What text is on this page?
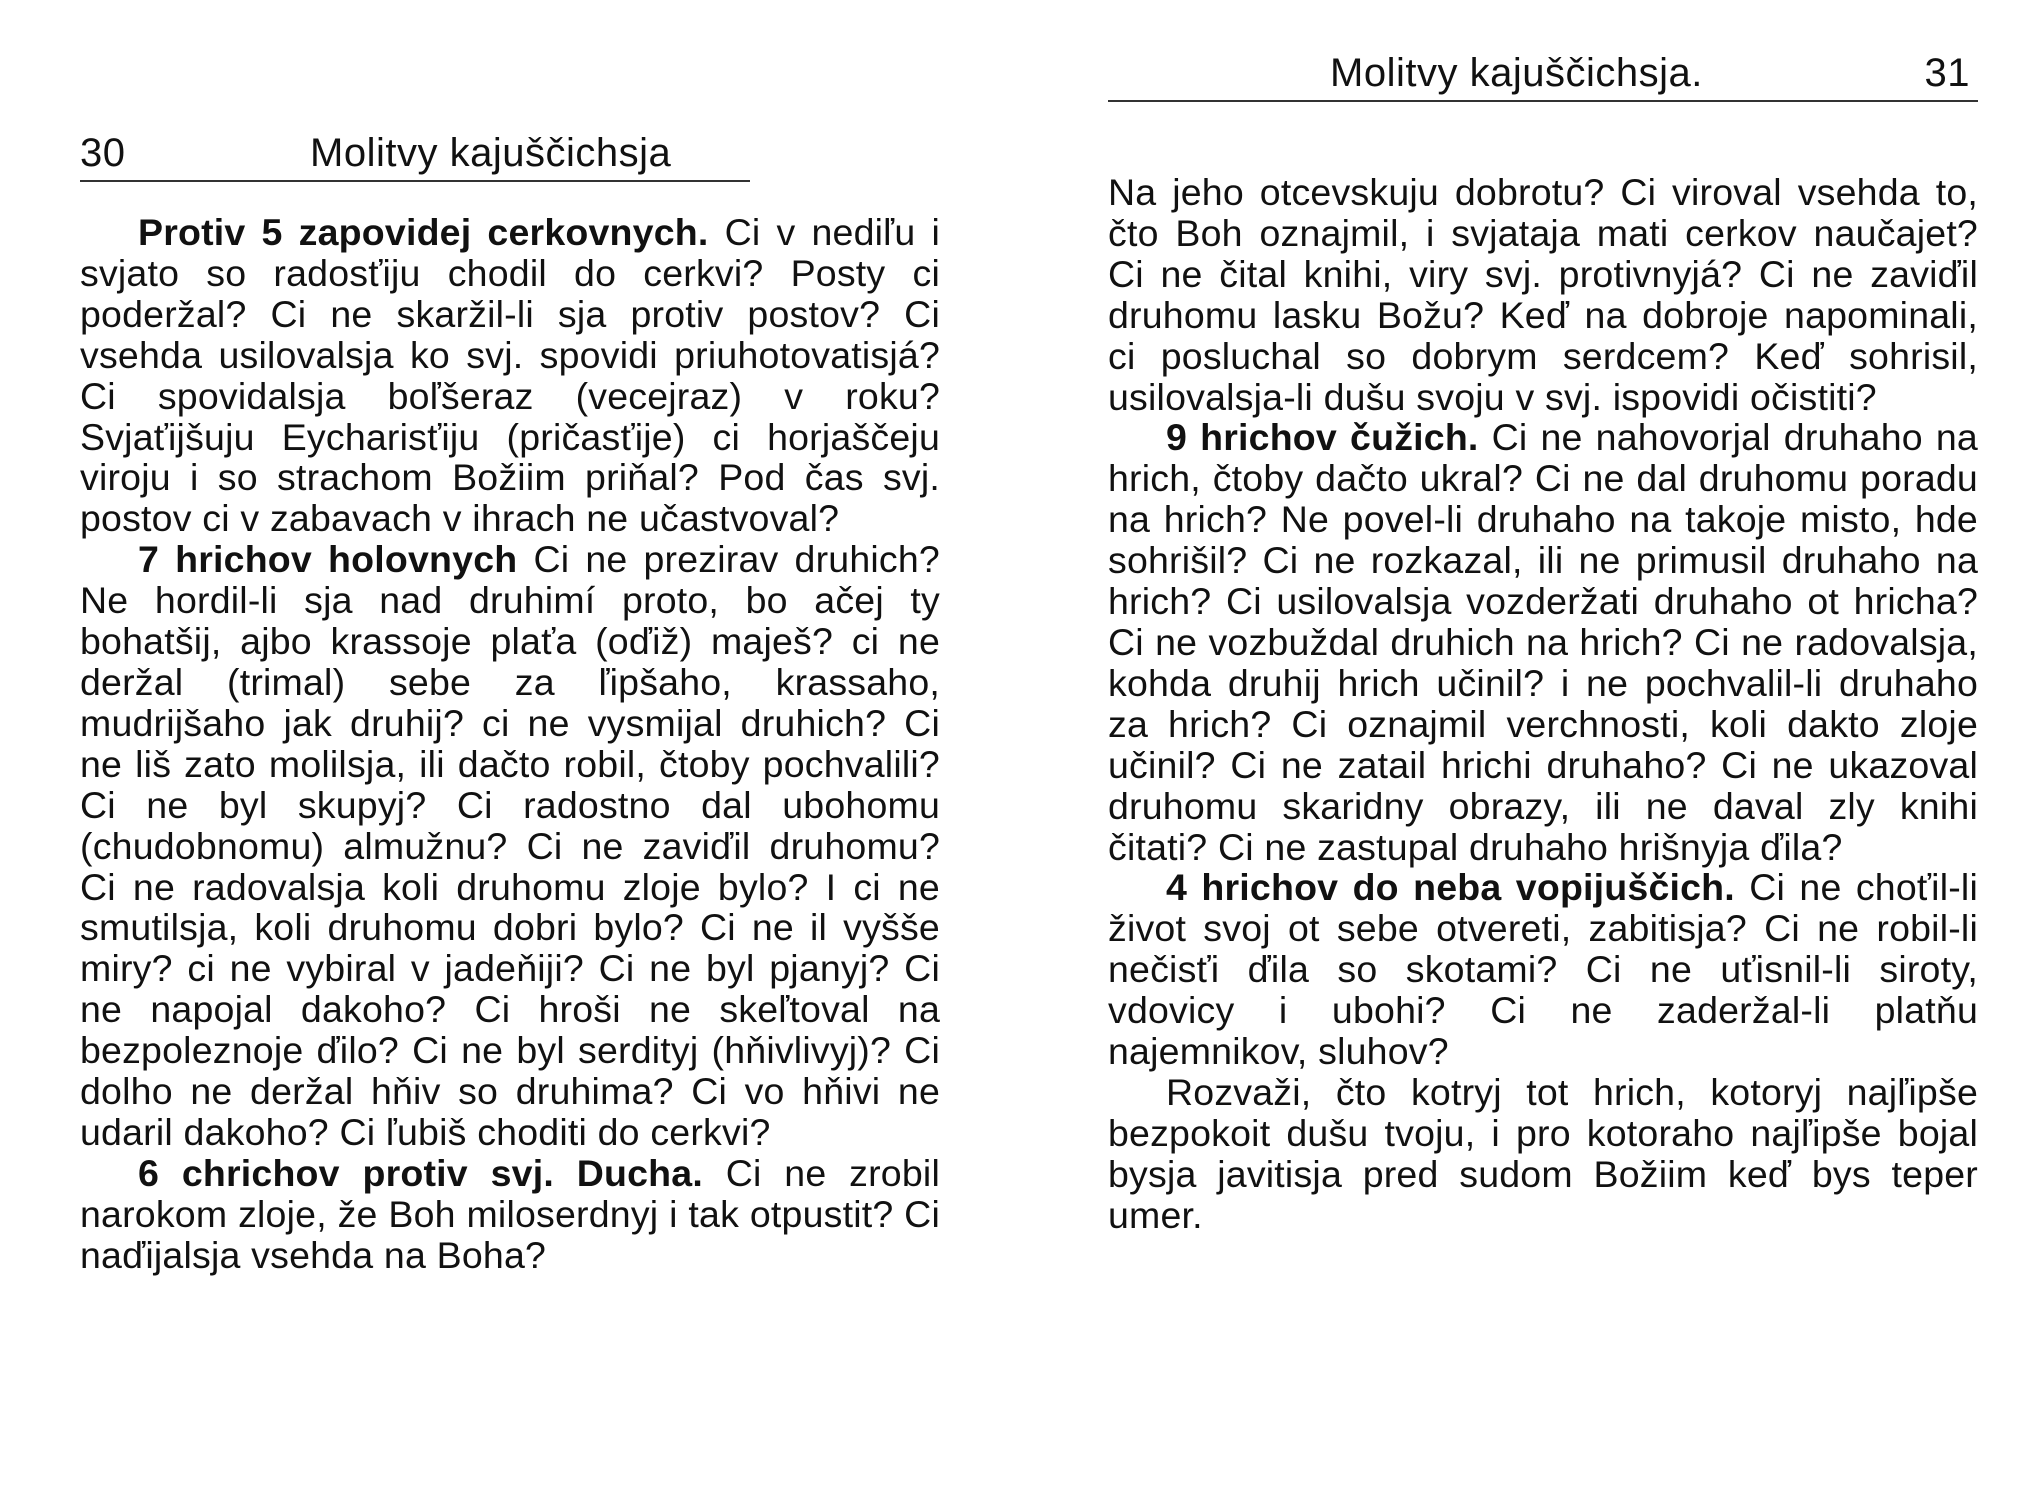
30	Molitvy kajuščichsja

Protiv 5 zapovidej cerkovnych. Ci v nediľu i svjato so radosťiju chodil do cerkvi? Posty ci poderžal? Ci ne skaržil-li sja protiv postov? Ci vsehda usilovalsja ko svj. spovidi priuhotovatisjá? Ci spovidalsja boľšeraz (vecejraz) v roku? Svjaťijšuju Eycharisťiju (pričasťije) ci horjaščeju viroju i so strachom Božiim priňal? Pod čas svj. postov ci v zabavach v ihrach ne učastvoval?

7 hrichov holovnych Ci ne prezirav druhich? Ne hordil-li sja nad druhimí proto, bo ačej ty bohatšij, ajbo krassoje plaťa (oďiž) maješ? ci ne deržal (trimal) sebe za ľipšaho, krassaho, mudrijšaho jak druhij? ci ne vysmijal druhich? Ci ne liš zato molilsja, ili dačto robil, čtoby pochvalili? Ci ne byl skupyj? Ci radostno dal ubohomu (chudobnomu) almužnu? Ci ne zaviďil druhomu? Ci ne radovalsja koli druhomu zloje bylo? I ci ne smutilsja, koli druhomu dobri bylo? Ci ne il vyšše miry? ci ne vybiral v jadeňiji? Ci ne byl pjanyj? Ci ne napojal dakoho? Ci hroši ne skeľtoval na bezpoleznoje ďilo? Ci ne byl serdityj (hňivlivyj)? Ci dolho ne deržal hňiv so druhima? Ci vo hňivi ne udaril dakoho? Ci ľubiš choditi do cerkvi?

6 chrichov protiv svj. Ducha. Ci ne zrobil narokom zloje, že Boh miloserdnyj i tak otpustit? Ci naďijalsja vsehda na Boha?

Molitvy kajuščichsja.	31

Na jeho otcevskuju dobrotu? Ci viroval vsehda to, čto Boh oznajmil, i svjataja mati cerkov naučajet? Ci ne čital knihi, viry svj. protivnyjá? Ci ne zaviďil druhomu lasku Božu? Keď na dobroje napominali, ci posluchal so dobrym serdcem? Keď sohrisil, usilovalsja-li dušu svoju v svj. ispovidi očistiti?

9 hrichov čužich. Ci ne nahovorjal druhaho na hrich, čtoby dačto ukral? Ci ne dal druhomu poradu na hrich? Ne povel-li druhaho na takoje misto, hde sohrišil? Ci ne rozkazal, ili ne primusil druhaho na hrich? Ci usilovalsja vozderžati druhaho ot hricha? Ci ne vozbuždal druhich na hrich? Ci ne radovalsja, kohda druhij hrich učinil? i ne pochvalil-li druhaho za hrich? Ci oznajmil verchnosti, koli dakto zloje učinil? Ci ne zatail hrichi druhaho? Ci ne ukazoval druhomu skaridny obrazy, ili ne daval zly knihi čitati? Ci ne zastupal druhaho hrišnyja ďila?

4 hrichov do neba vopijuščich. Ci ne choťil-li život svoj ot sebe otvereti, zabitisja? Ci ne robil-li nečisťi ďila so skotami? Ci ne uťisnil-li siroty, vdovicy i ubohi? Ci ne zaderžal-li platňu najemnikov, sluhov?

Rozvaži, čto kotryj tot hrich, kotoryj najľipše bezpokoit dušu tvoju, i pro kotoraho najľipše bojal bysja javitisja pred sudom Božiim keď bys teper umer.
